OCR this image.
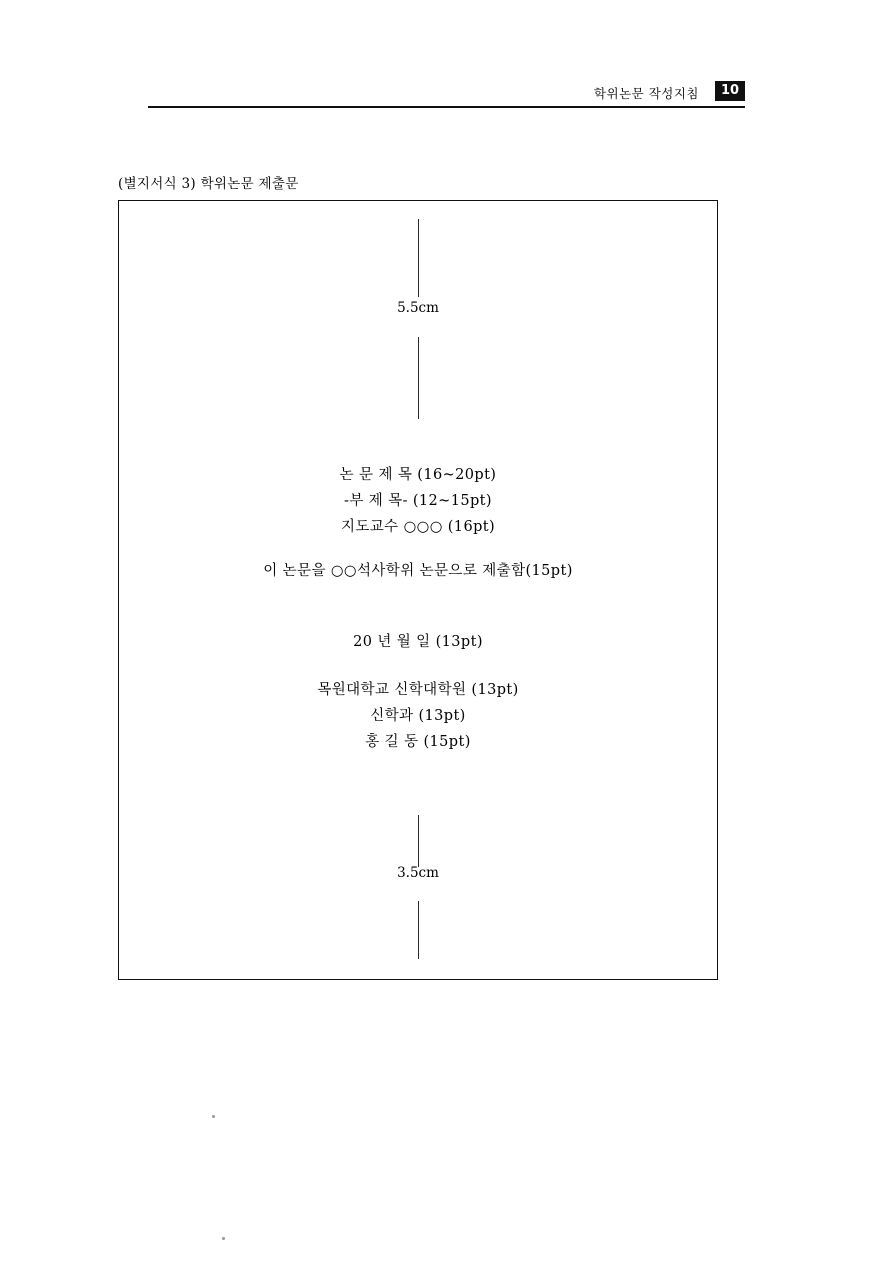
학위논문 작성지침	10
(별지서식 3) 학위논문 제출문
5.5cm
논 문 제 목 (16~20pt)
-부 제 목- (12~15pt)
지도교수 ○○○ (16pt)
이 논문을 ○○석사학위 논문으로 제출함(15pt)
20 년 월 일 (13pt)
목원대학교 신학대학원 (13pt)
신학과 (13pt)
홍 길 동 (15pt)
3.5cm
